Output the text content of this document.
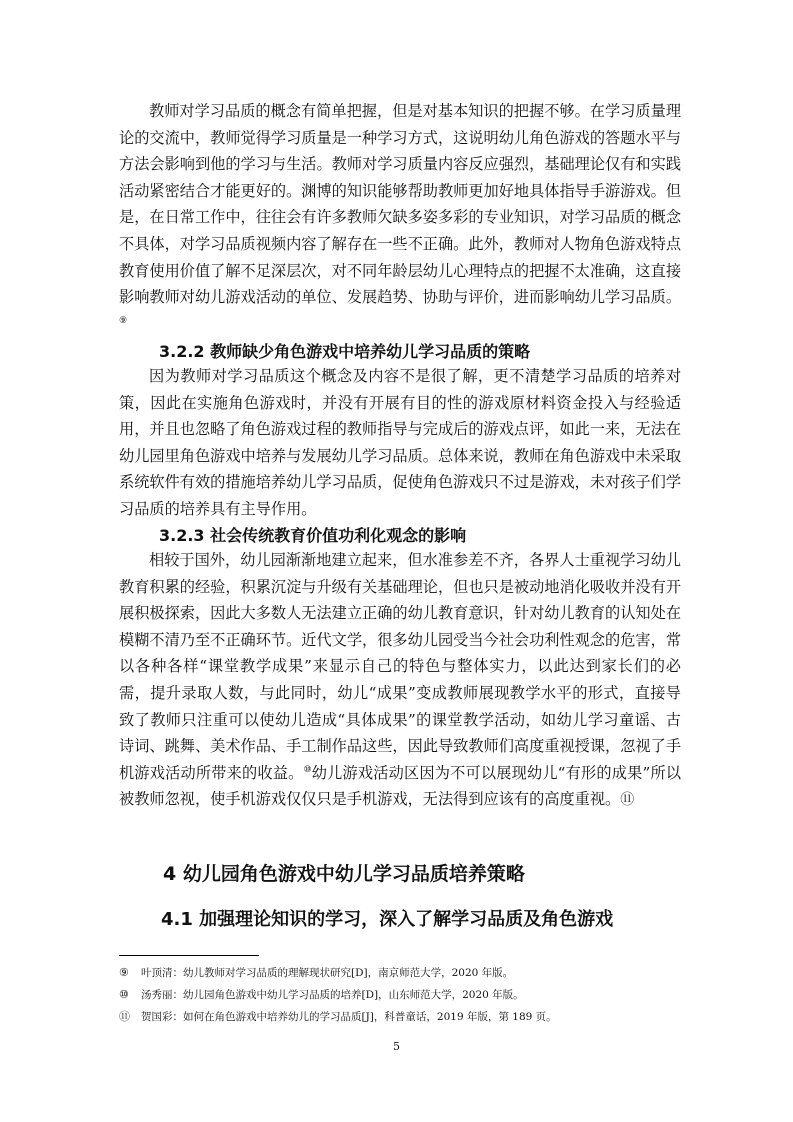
教师对学习品质的概念有简单把握，但是对基本知识的把握不够。在学习质量理论的交流中，教师觉得学习质量是一种学习方式，这说明幼儿角色游戏的答题水平与方法会影响到他的学习与生活。教师对学习质量内容反应强烈，基础理论仅有和实践活动紧密结合才能更好的。渊博的知识能够帮助教师更加好地具体指导手游游戏。但是，在日常工作中，往往会有许多教师欠缺多姿多彩的专业知识，对学习品质的概念不具体，对学习品质视频内容了解存在一些不正确。此外，教师对人物角色游戏特点教育使用价值了解不足深层次，对不同年龄层幼儿心理特点的把握不太准确，这直接影响教师对幼儿游戏活动的单位、发展趋势、协助与评价，进而影响幼儿学习品质。⑨

3.2.2 教师缺少角色游戏中培养幼儿学习品质的策略

因为教师对学习品质这个概念及内容不是很了解，更不清楚学习品质的培养对策，因此在实施角色游戏时，并没有开展有目的性的游戏原材料资金投入与经验适用，并且也忽略了角色游戏过程的教师指导与完成后的游戏点评，如此一来，无法在幼儿园里角色游戏中培养与发展幼儿学习品质。总体来说，教师在角色游戏中未采取系统软件有效的措施培养幼儿学习品质，促使角色游戏只不过是游戏，未对孩子们学习品质的培养具有主导作用。

3.2.3 社会传统教育价值功利化观念的影响

相较于国外，幼儿园渐渐地建立起来，但水准参差不齐，各界人士重视学习幼儿教育积累的经验，积累沉淀与升级有关基础理论，但也只是被动地消化吸收并没有开展积极探索，因此大多数人无法建立正确的幼儿教育意识，针对幼儿教育的认知处在模糊不清乃至不正确环节。近代文学，很多幼儿园受当今社会功利性观念的危害，常以各种各样“课堂教学成果”来显示自己的特色与整体实力，以此达到家长们的必需，提升录取人数，与此同时，幼儿“成果”变成教师展现教学水平的形式，直接导致了教师只注重可以使幼儿造成“具体成果”的课堂教学活动，如幼儿学习童谣、古诗词、跳舞、美术作品、手工制作品这些，因此导致教师们高度重视授课，忽视了手机游戏活动所带来的收益。⑩幼儿游戏活动区因为不可以展现幼儿“有形的成果”所以被教师忽视，使手机游戏仅仅只是手机游戏，无法得到应该有的高度重视。⑪

4 幼儿园角色游戏中幼儿学习品质培养策略
4.1 加强理论知识的学习，深入了解学习品质及角色游戏

⑨ 叶顶清：幼儿教师对学习品质的理解现状研究[D]，南京师范大学，2020 年版。

⑩ 汤秀丽：幼儿园角色游戏中幼儿学习品质的培养[D]，山东师范大学，2020 年版。

⑪ 贺国彩：如何在角色游戏中培养幼儿的学习品质[J]，科普童话，2019 年版，第 189 页。

5
